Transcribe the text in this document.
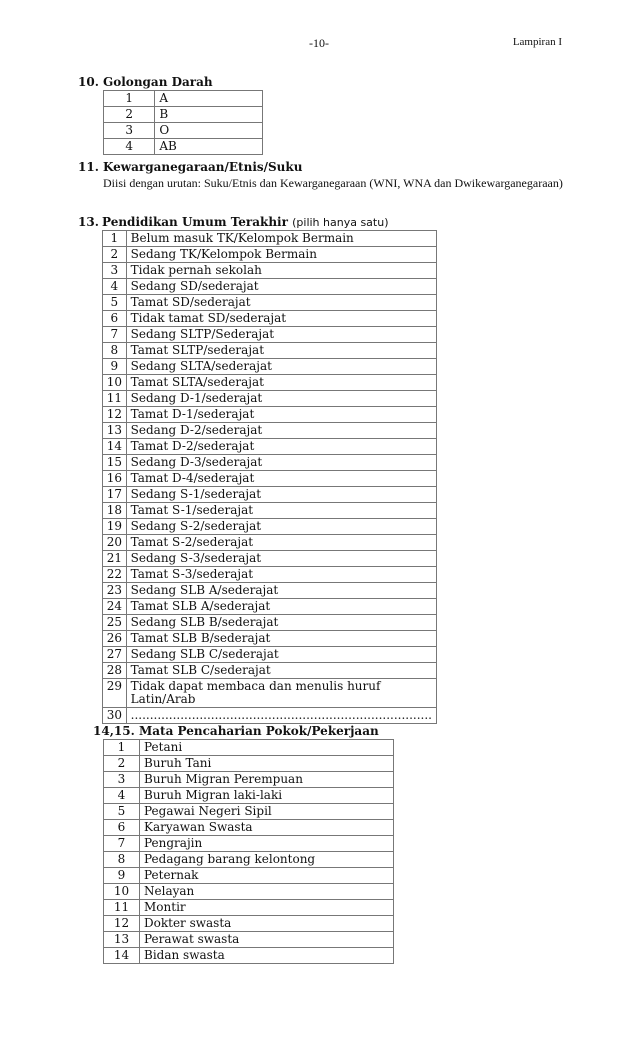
-10-	Lampiran I
10. Golongan Darah
1	A
2	B
3	O
4	AB
11. Kewarganegaraan/Etnis/Suku
Diisi dengan urutan: Suku/Etnis dan Kewarganegaraan (WNI, WNA dan Dwikewarganegaraan)
13. Pendidikan Umum Terakhir (pilih hanya satu)
1	Belum masuk TK/Kelompok Bermain
2	Sedang TK/Kelompok Bermain
3	Tidak pernah sekolah
4	Sedang SD/sederajat
5	Tamat SD/sederajat
6	Tidak tamat SD/sederajat
7	Sedang SLTP/Sederajat
8	Tamat SLTP/sederajat
9	Sedang SLTA/sederajat
10	Tamat SLTA/sederajat
11	Sedang D-1/sederajat
12	Tamat D-1/sederajat
13	Sedang D-2/sederajat
14	Tamat D-2/sederajat
15	Sedang D-3/sederajat
16	Tamat D-4/sederajat
17	Sedang S-1/sederajat
18	Tamat S-1/sederajat
19	Sedang S-2/sederajat
20	Tamat S-2/sederajat
21	Sedang S-3/sederajat
22	Tamat S-3/sederajat
23	Sedang SLB A/sederajat
24	Tamat SLB A/sederajat
25	Sedang SLB B/sederajat
26	Tamat SLB B/sederajat
27	Sedang SLB C/sederajat
28	Tamat SLB C/sederajat
29	Tidak dapat membaca dan menulis huruf Latin/Arab
30	...............................................................................
14,15. Mata Pencaharian Pokok/Pekerjaan
1	Petani
2	Buruh Tani
3	Buruh Migran Perempuan
4	Buruh Migran laki-laki
5	Pegawai Negeri Sipil
6	Karyawan Swasta
7	Pengrajin
8	Pedagang barang kelontong
9	Peternak
10	Nelayan
11	Montir
12	Dokter swasta
13	Perawat swasta
14	Bidan swasta
